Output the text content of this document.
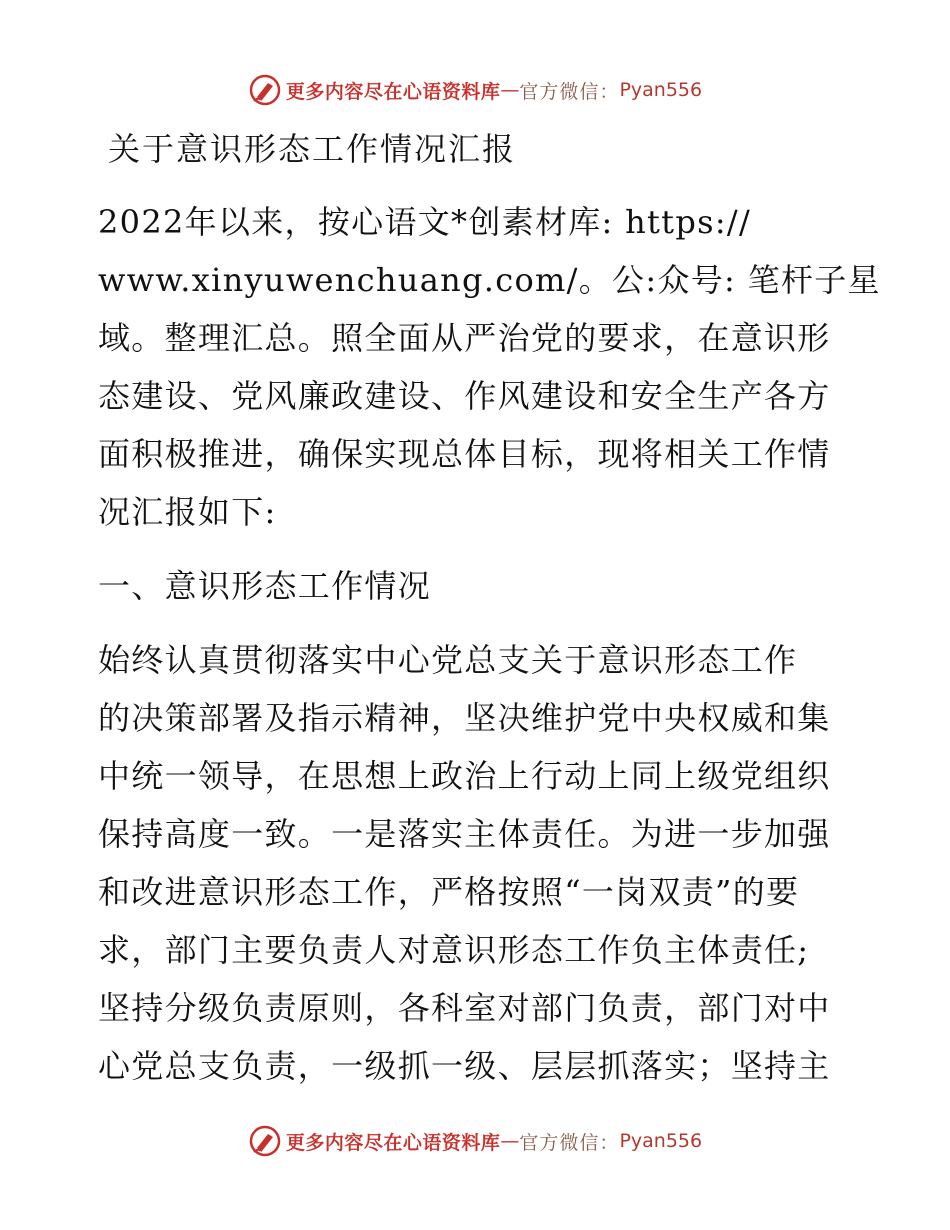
更多内容尽在心语资料库 — 官方微信： Pyan556
关于意识形态工作情况汇报
2022年以来，按心语文*创素材库: https://
www.xinyuwenchuang.com/。公:众号: 笔杆子星
域。整理汇总。照全面从严治党的要求，在意识形
态建设、党风廉政建设、作风建设和安全生产各方
面积极推进，确保实现总体目标，现将相关工作情
况汇报如下:
一、意识形态工作情况
始终认真贯彻落实中心党总支关于意识形态工作
的决策部署及指示精神，坚决维护党中央权威和集
中统一领导，在思想上政治上行动上同上级党组织
保持高度一致。一是落实主体责任。为进一步加强
和改进意识形态工作，严格按照“一岗双责”的要
求，部门主要负责人对意识形态工作负主体责任;
坚持分级负责原则，各科室对部门负责，部门对中
心党总支负责，一级抓一级、层层抓落实；坚持主
更多内容尽在心语资料库 — 官方微信： Pyan556
